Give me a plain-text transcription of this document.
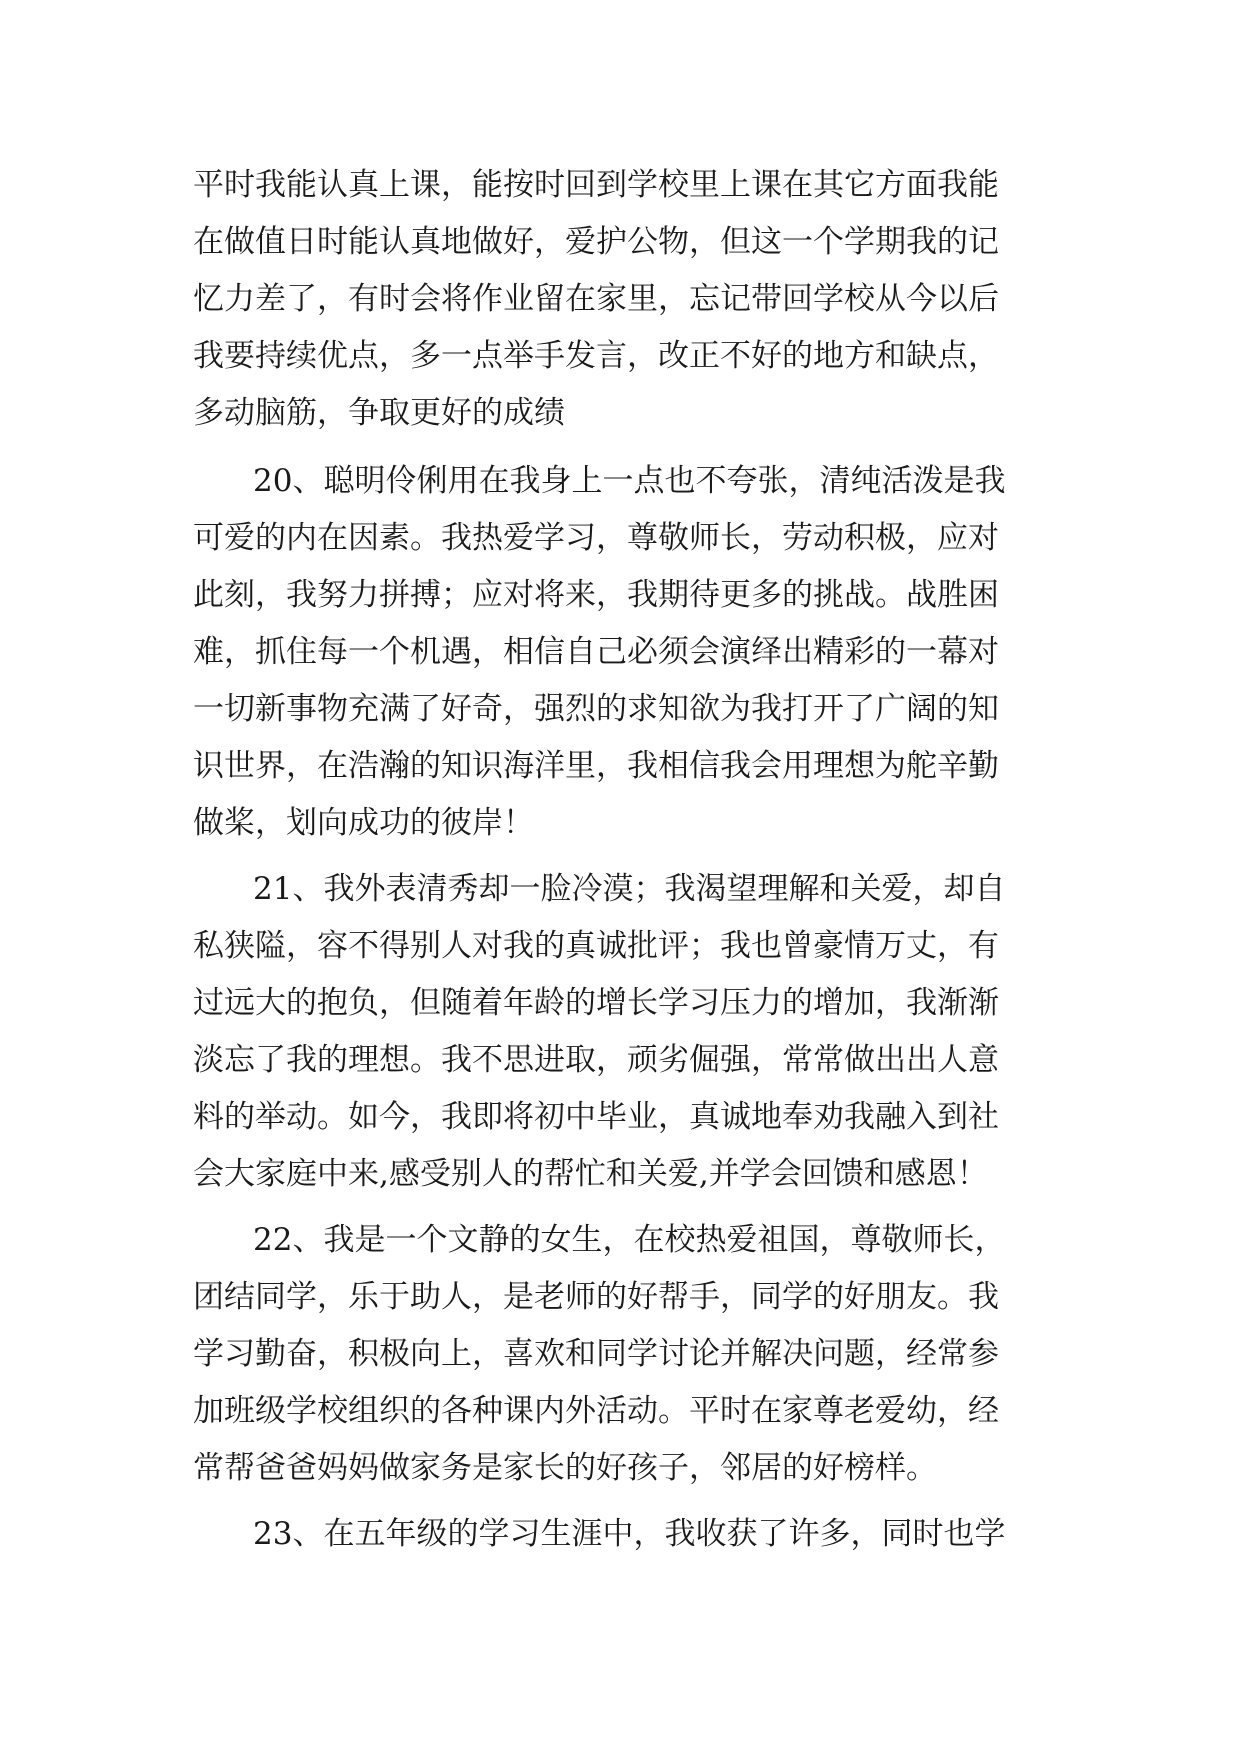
平时我能认真上课，能按时回到学校里上课在其它方面我能
在做值日时能认真地做好，爱护公物，但这一个学期我的记
忆力差了，有时会将作业留在家里，忘记带回学校从今以后
我要持续优点，多一点举手发言，改正不好的地方和缺点，
多动脑筋，争取更好的成绩
20、聪明伶俐用在我身上一点也不夸张，清纯活泼是我
可爱的内在因素。我热爱学习，尊敬师长，劳动积极，应对
此刻，我努力拼搏；应对将来，我期待更多的挑战。战胜困
难，抓住每一个机遇，相信自己必须会演绎出精彩的一幕对
一切新事物充满了好奇，强烈的求知欲为我打开了广阔的知
识世界，在浩瀚的知识海洋里，我相信我会用理想为舵辛勤
做桨，划向成功的彼岸！
21、我外表清秀却一脸冷漠；我渴望理解和关爱，却自
私狭隘，容不得别人对我的真诚批评；我也曾豪情万丈，有
过远大的抱负，但随着年龄的增长学习压力的增加，我渐渐
淡忘了我的理想。我不思进取，顽劣倔强，常常做出出人意
料的举动。如今，我即将初中毕业，真诚地奉劝我融入到社
会大家庭中来,感受别人的帮忙和关爱,并学会回馈和感恩！
22、我是一个文静的女生，在校热爱祖国，尊敬师长，
团结同学，乐于助人，是老师的好帮手，同学的好朋友。我
学习勤奋，积极向上，喜欢和同学讨论并解决问题，经常参
加班级学校组织的各种课内外活动。平时在家尊老爱幼，经
常帮爸爸妈妈做家务是家长的好孩子，邻居的好榜样。
23、在五年级的学习生涯中，我收获了许多，同时也学
